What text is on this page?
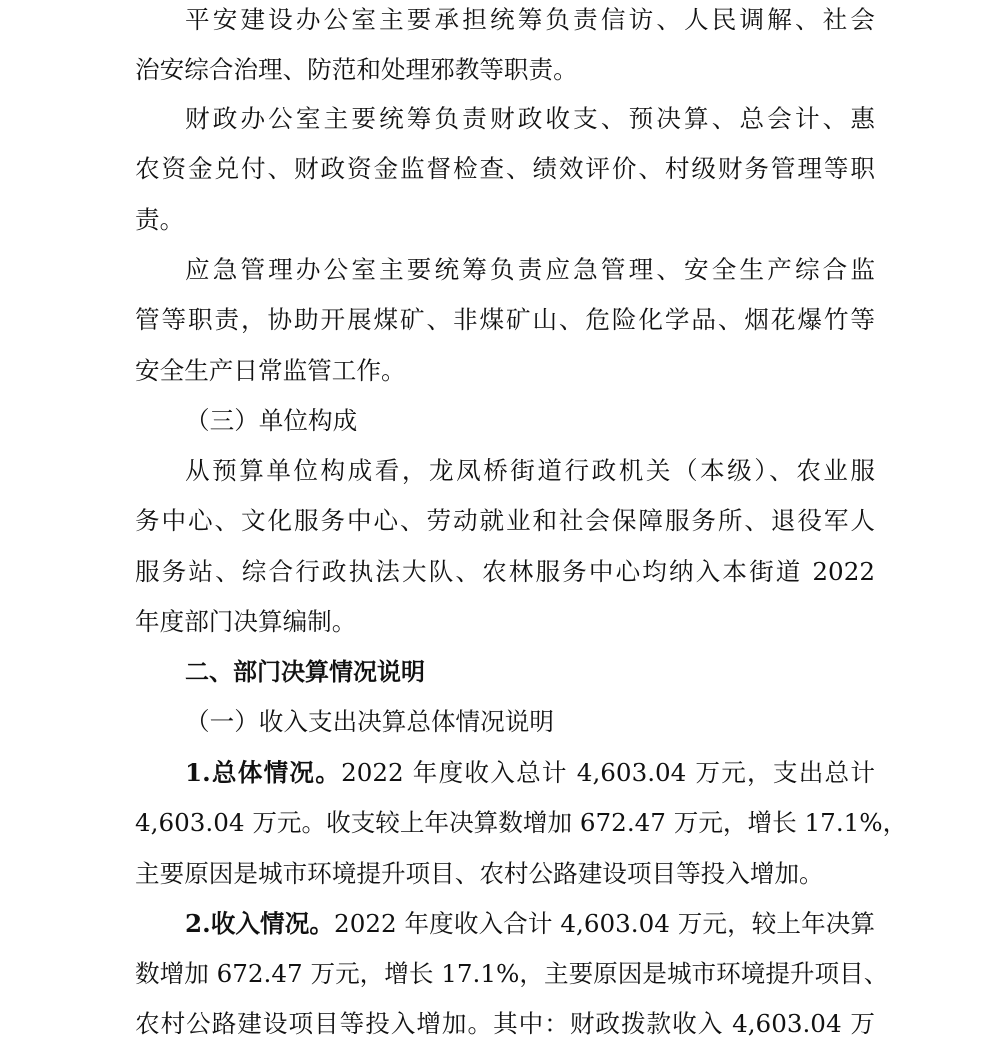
平安建设办公室主要承担统筹负责信访、人民调解、社会
治安综合治理、防范和处理邪教等职责。
财政办公室主要统筹负责财政收支、预决算、总会计、惠
农资金兑付、财政资金监督检查、绩效评价、村级财务管理等职
责。
应急管理办公室主要统筹负责应急管理、安全生产综合监
管等职责，协助开展煤矿、非煤矿山、危险化学品、烟花爆竹等
安全生产日常监管工作。
（三）单位构成
从预算单位构成看，龙凤桥街道行政机关（本级）、农业服
务中心、文化服务中心、劳动就业和社会保障服务所、退役军人
服务站、综合行政执法大队、农林服务中心均纳入本街道 2022
年度部门决算编制。
二、部门决算情况说明
（一）收入支出决算总体情况说明
1.总体情况。2022 年度收入总计 4,603.04 万元，支出总计
4,603.04 万元。收支较上年决算数增加 672.47 万元，增长 17.1%，
主要原因是城市环境提升项目、农村公路建设项目等投入增加。
2.收入情况。2022 年度收入合计 4,603.04 万元，较上年决算
数增加 672.47 万元，增长 17.1%，主要原因是城市环境提升项目、
农村公路建设项目等投入增加。其中：财政拨款收入 4,603.04 万
